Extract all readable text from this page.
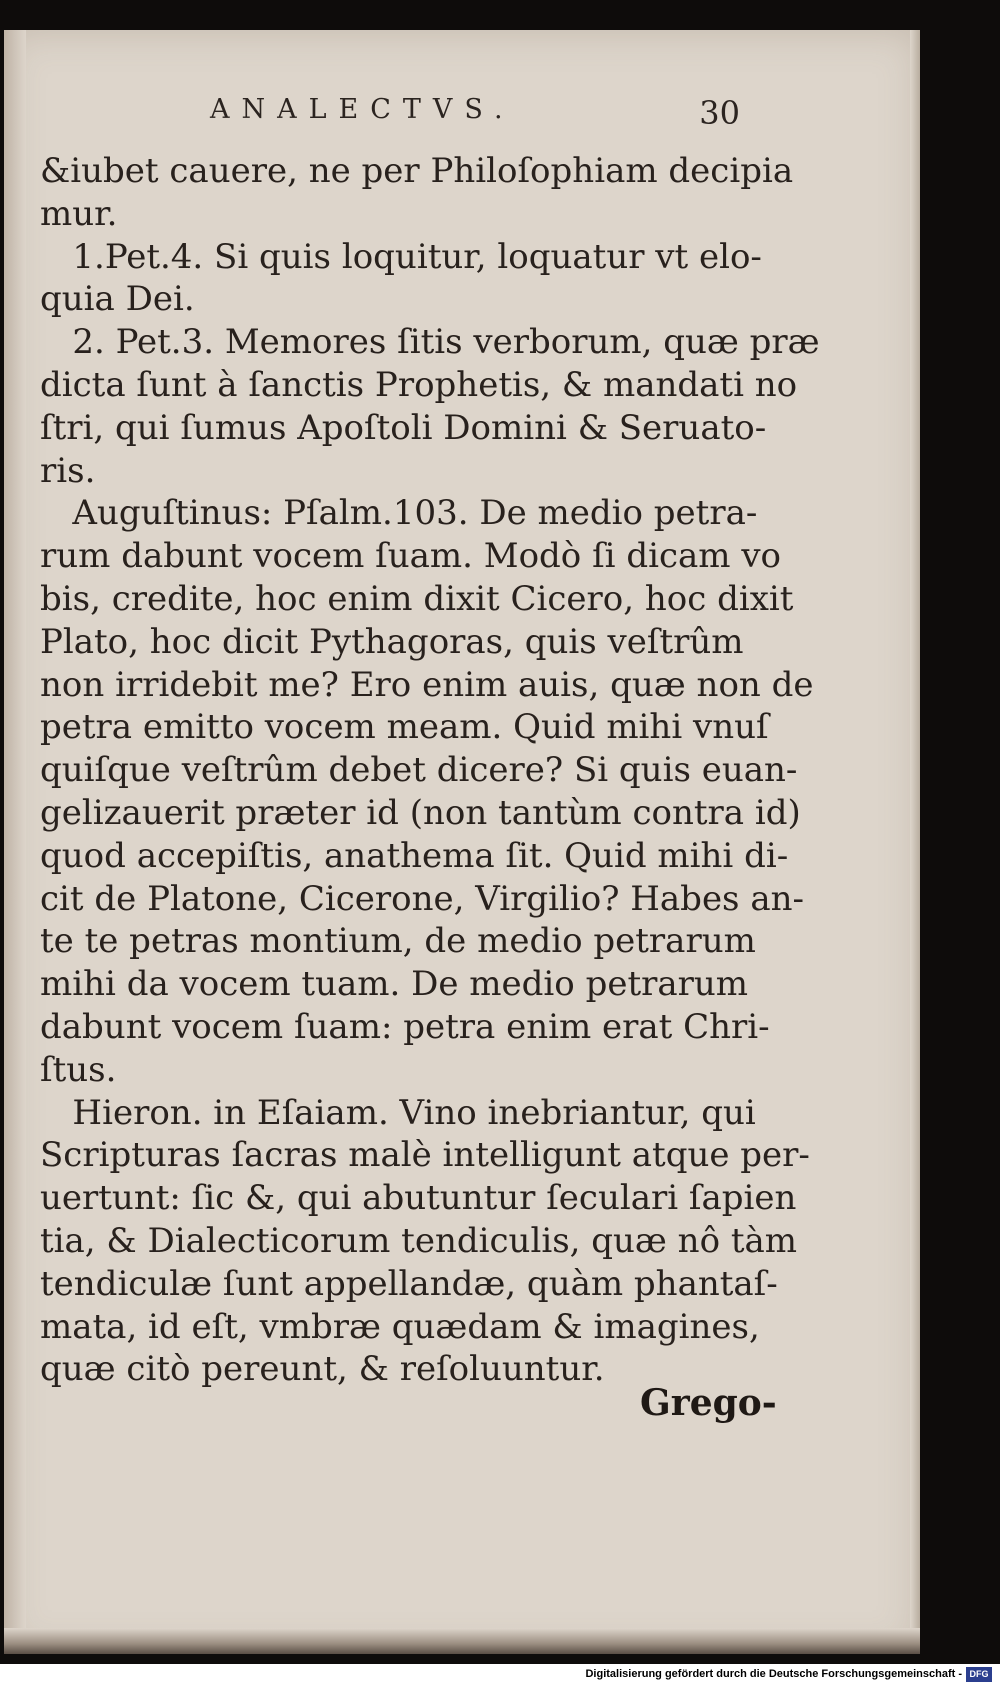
ANALECTVS.	30
&iubet cauere, ne per Philoſophiam decipia
mur.
1.Pet.4. Si quis loquitur, loquatur vt elo-
quia Dei.
2. Pet.3. Memores ſitis verborum, quæ præ
dicta ſunt à ſanctis Prophetis, & mandati no
ſtri, qui ſumus Apoſtoli Domini & Seruato-
ris.
Auguſtinus: Pſalm.103. De medio petra-
rum dabunt vocem ſuam. Modò ſi dicam vo
bis, credite, hoc enim dixit Cicero, hoc dixit
Plato, hoc dicit Pythagoras, quis veſtrûm
non irridebit me? Ero enim auis, quæ non de
petra emitto vocem meam. Quid mihi vnuſ
quiſque veſtrûm debet dicere? Si quis euan-
gelizauerit præter id (non tantùm contra id)
quod accepiſtis, anathema ſit. Quid mihi di-
cit de Platone, Cicerone, Virgilio? Habes an-
te te petras montium, de medio petrarum
mihi da vocem tuam. De medio petrarum
dabunt vocem ſuam: petra enim erat Chri-
ſtus.
Hieron. in Eſaiam. Vino inebriantur, qui
Scripturas ſacras malè intelligunt atque per-
uertunt: ſic &, qui abutuntur ſeculari ſapien
tia, & Dialecticorum tendiculis, quæ nô tàm
tendiculæ ſunt appellandæ, quàm phantaſ-
mata, id eſt, vmbræ quædam & imagines,
quæ citò pereunt, & reſoluuntur.
Grego-
Digitalisierung gefördert durch die Deutsche Forschungsgemeinschaft - DFG
